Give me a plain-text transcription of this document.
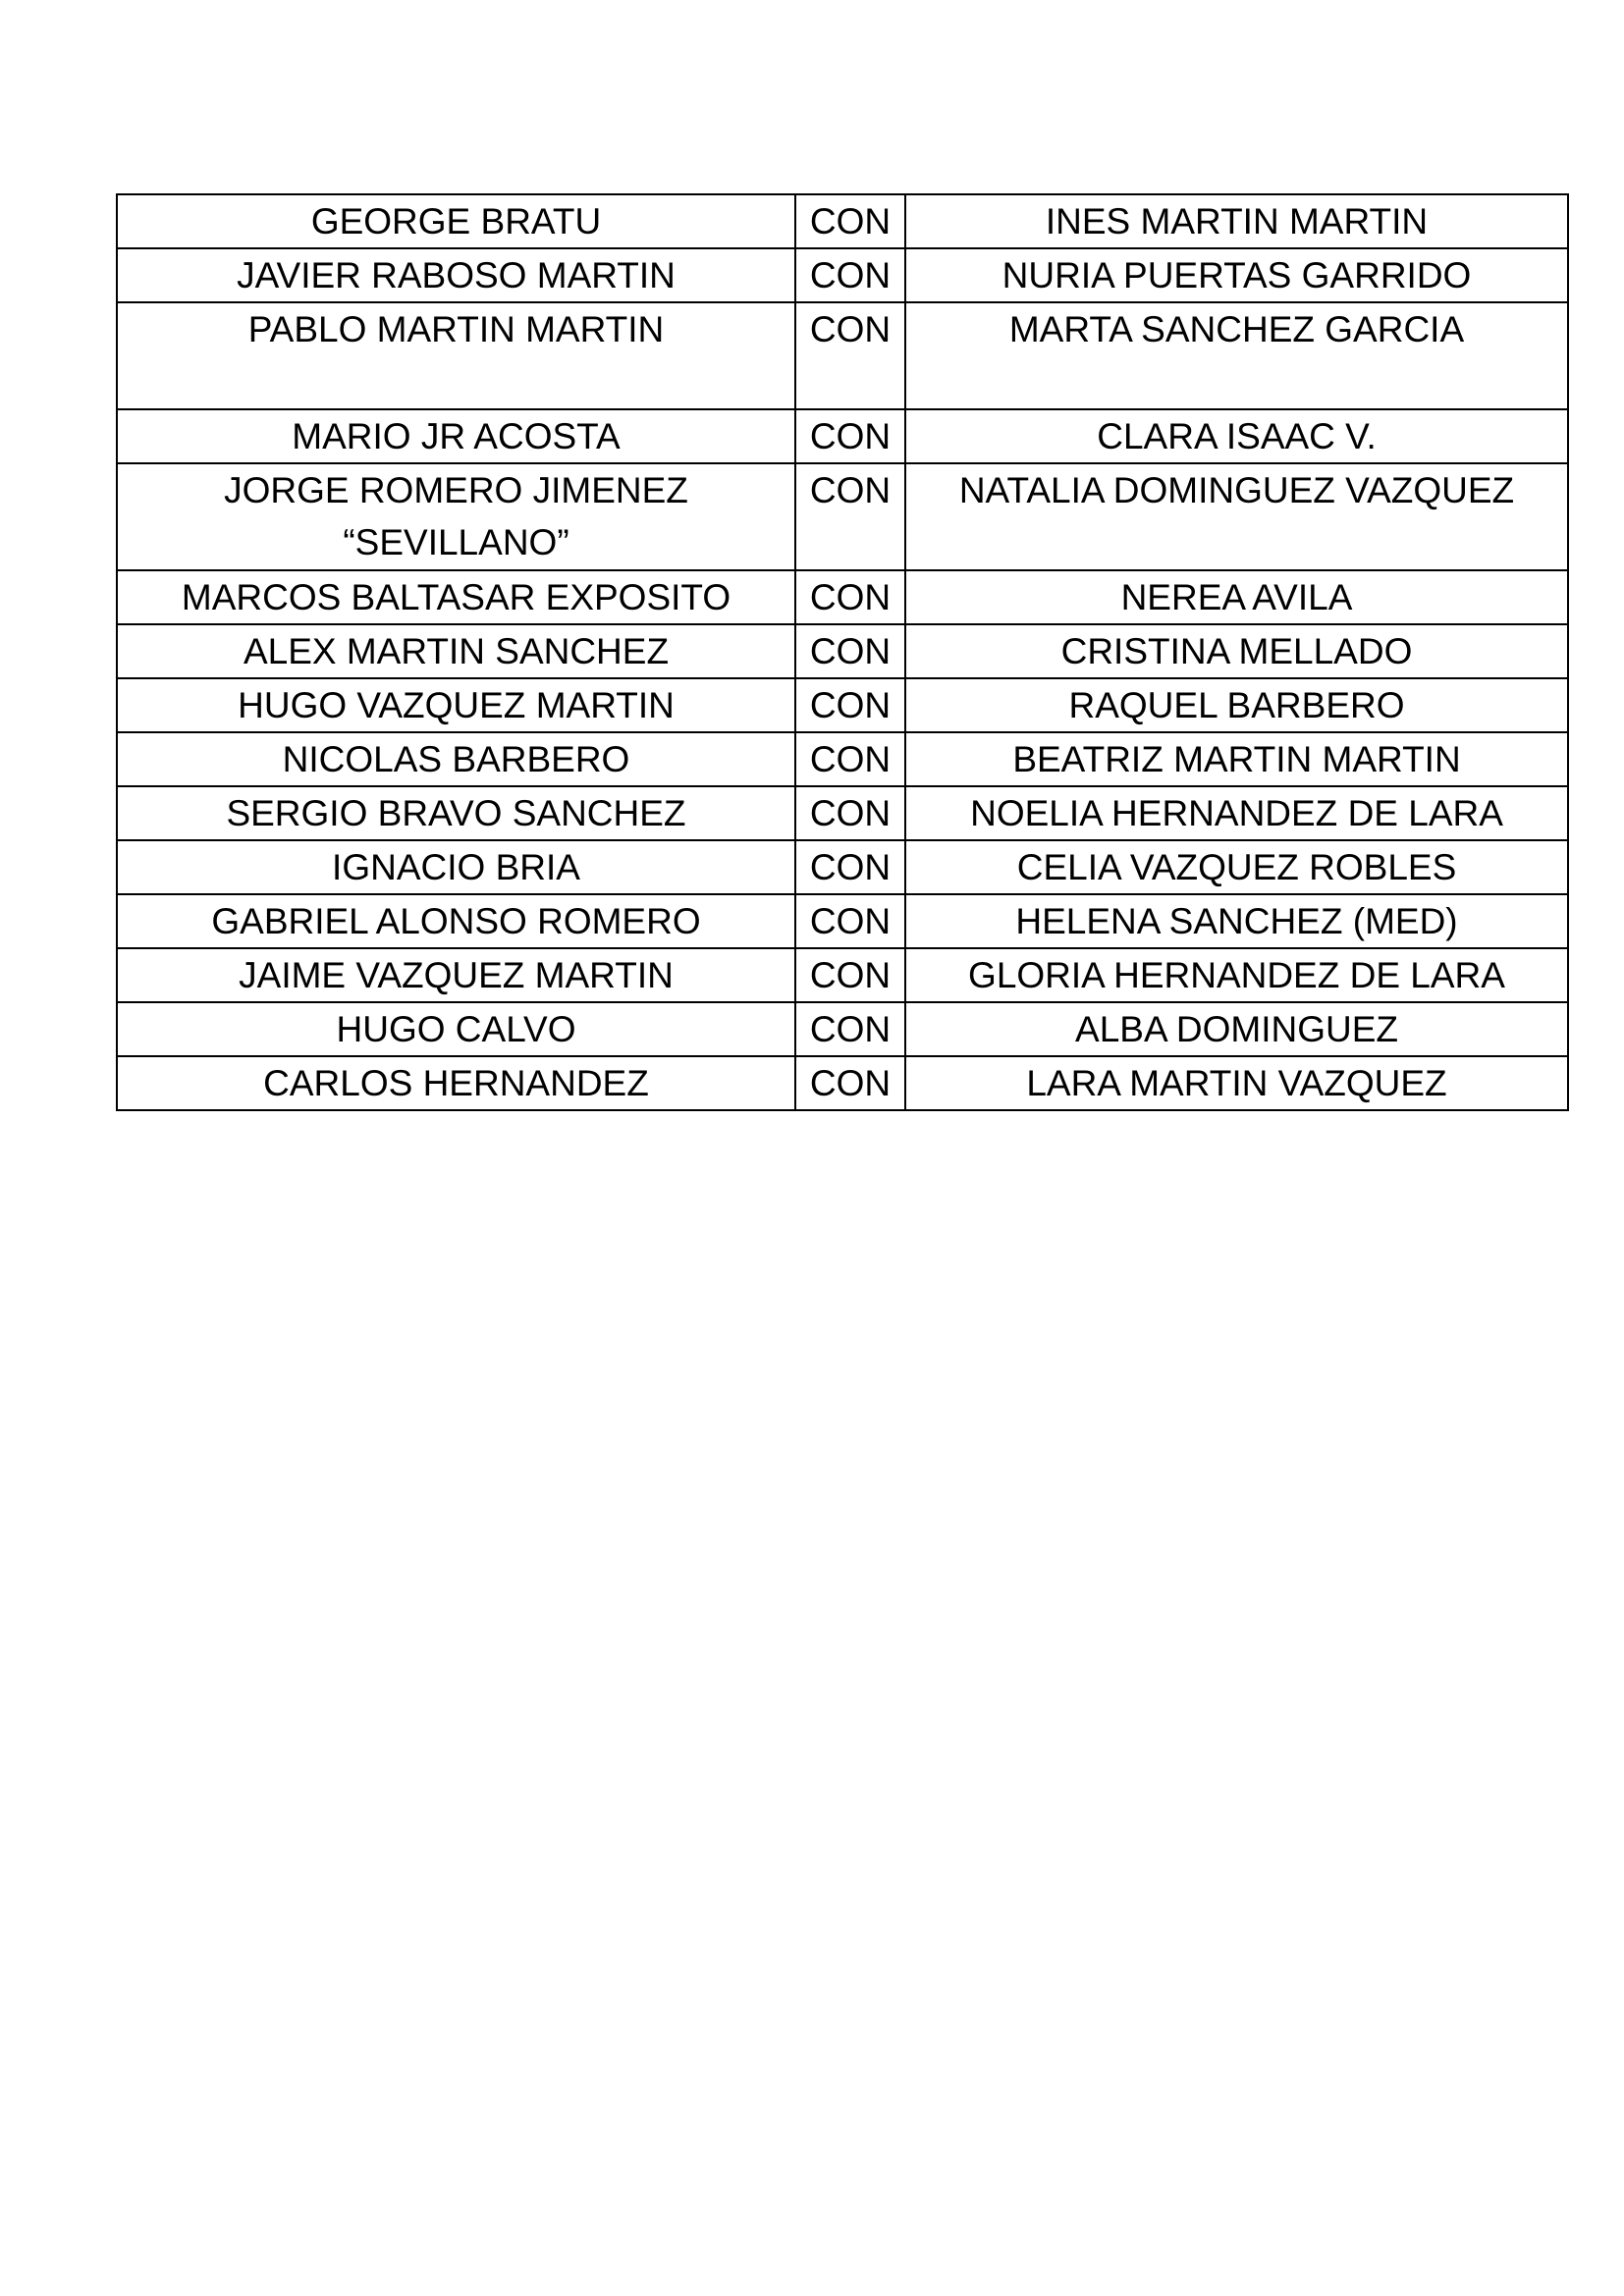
GEORGE BRATU	CON	INES MARTIN MARTIN
JAVIER RABOSO MARTIN	CON	NURIA PUERTAS GARRIDO
PABLO MARTIN MARTIN	CON	MARTA SANCHEZ GARCIA
MARIO JR ACOSTA	CON	CLARA ISAAC V.
JORGE ROMERO JIMENEZ “SEVILLANO”	CON	NATALIA DOMINGUEZ VAZQUEZ
MARCOS BALTASAR EXPOSITO	CON	NEREA AVILA
ALEX MARTIN SANCHEZ	CON	CRISTINA MELLADO
HUGO VAZQUEZ MARTIN	CON	RAQUEL BARBERO
NICOLAS BARBERO	CON	BEATRIZ MARTIN MARTIN
SERGIO BRAVO SANCHEZ	CON	NOELIA HERNANDEZ DE LARA
IGNACIO BRIA	CON	CELIA VAZQUEZ ROBLES
GABRIEL ALONSO ROMERO	CON	HELENA SANCHEZ (MED)
JAIME VAZQUEZ MARTIN	CON	GLORIA HERNANDEZ DE LARA
HUGO CALVO	CON	ALBA DOMINGUEZ
CARLOS HERNANDEZ	CON	LARA MARTIN VAZQUEZ
